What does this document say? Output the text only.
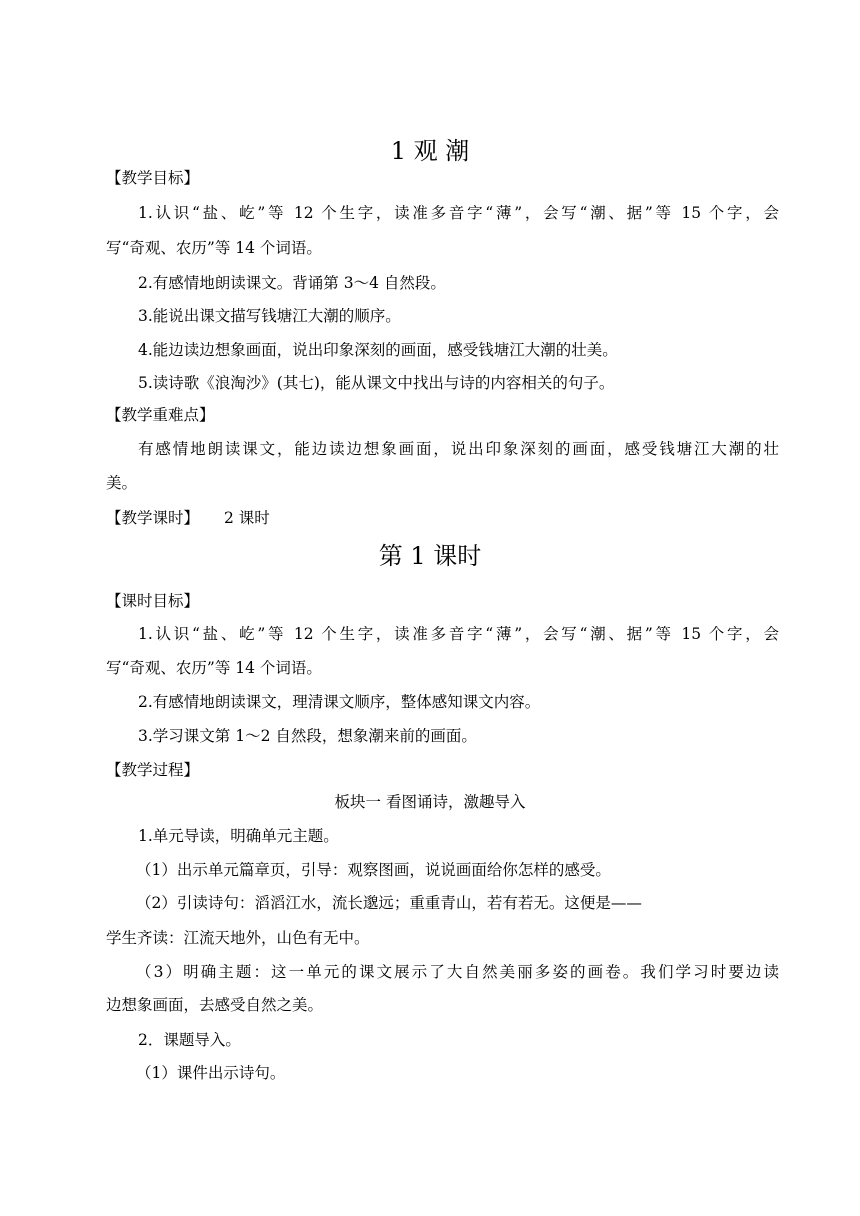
1 观 潮
【教学目标】
1.认识“盐、屹”等 12 个生字，读准多音字“薄”，会写“潮、据”等 15 个字，会
写“奇观、农历”等 14 个词语。
2.有感情地朗读课文。背诵第 3～4 自然段。
3.能说出课文描写钱塘江大潮的顺序。
4.能边读边想象画面，说出印象深刻的画面，感受钱塘江大潮的壮美。
5.读诗歌《浪淘沙》(其七)，能从课文中找出与诗的内容相关的句子。
【教学重难点】
有感情地朗读课文，能边读边想象画面，说出印象深刻的画面，感受钱塘江大潮的壮
美。
【教学课时】 2 课时
第 1 课时
【课时目标】
1.认识“盐、屹”等 12 个生字，读准多音字“薄”，会写“潮、据”等 15 个字，会
写“奇观、农历”等 14 个词语。
2.有感情地朗读课文，理清课文顺序，整体感知课文内容。
3.学习课文第 1～2 自然段，想象潮来前的画面。
【教学过程】
板块一 看图诵诗，激趣导入
1.单元导读，明确单元主题。
（1）出示单元篇章页，引导：观察图画，说说画面给你怎样的感受。
（2）引读诗句：滔滔江水，流长邈远；重重青山，若有若无。这便是——
学生齐读：江流天地外，山色有无中。
（3）明确主题：这一单元的课文展示了大自然美丽多姿的画卷。我们学习时要边读
边想象画面，去感受自然之美。
2．课题导入。
（1）课件出示诗句。
